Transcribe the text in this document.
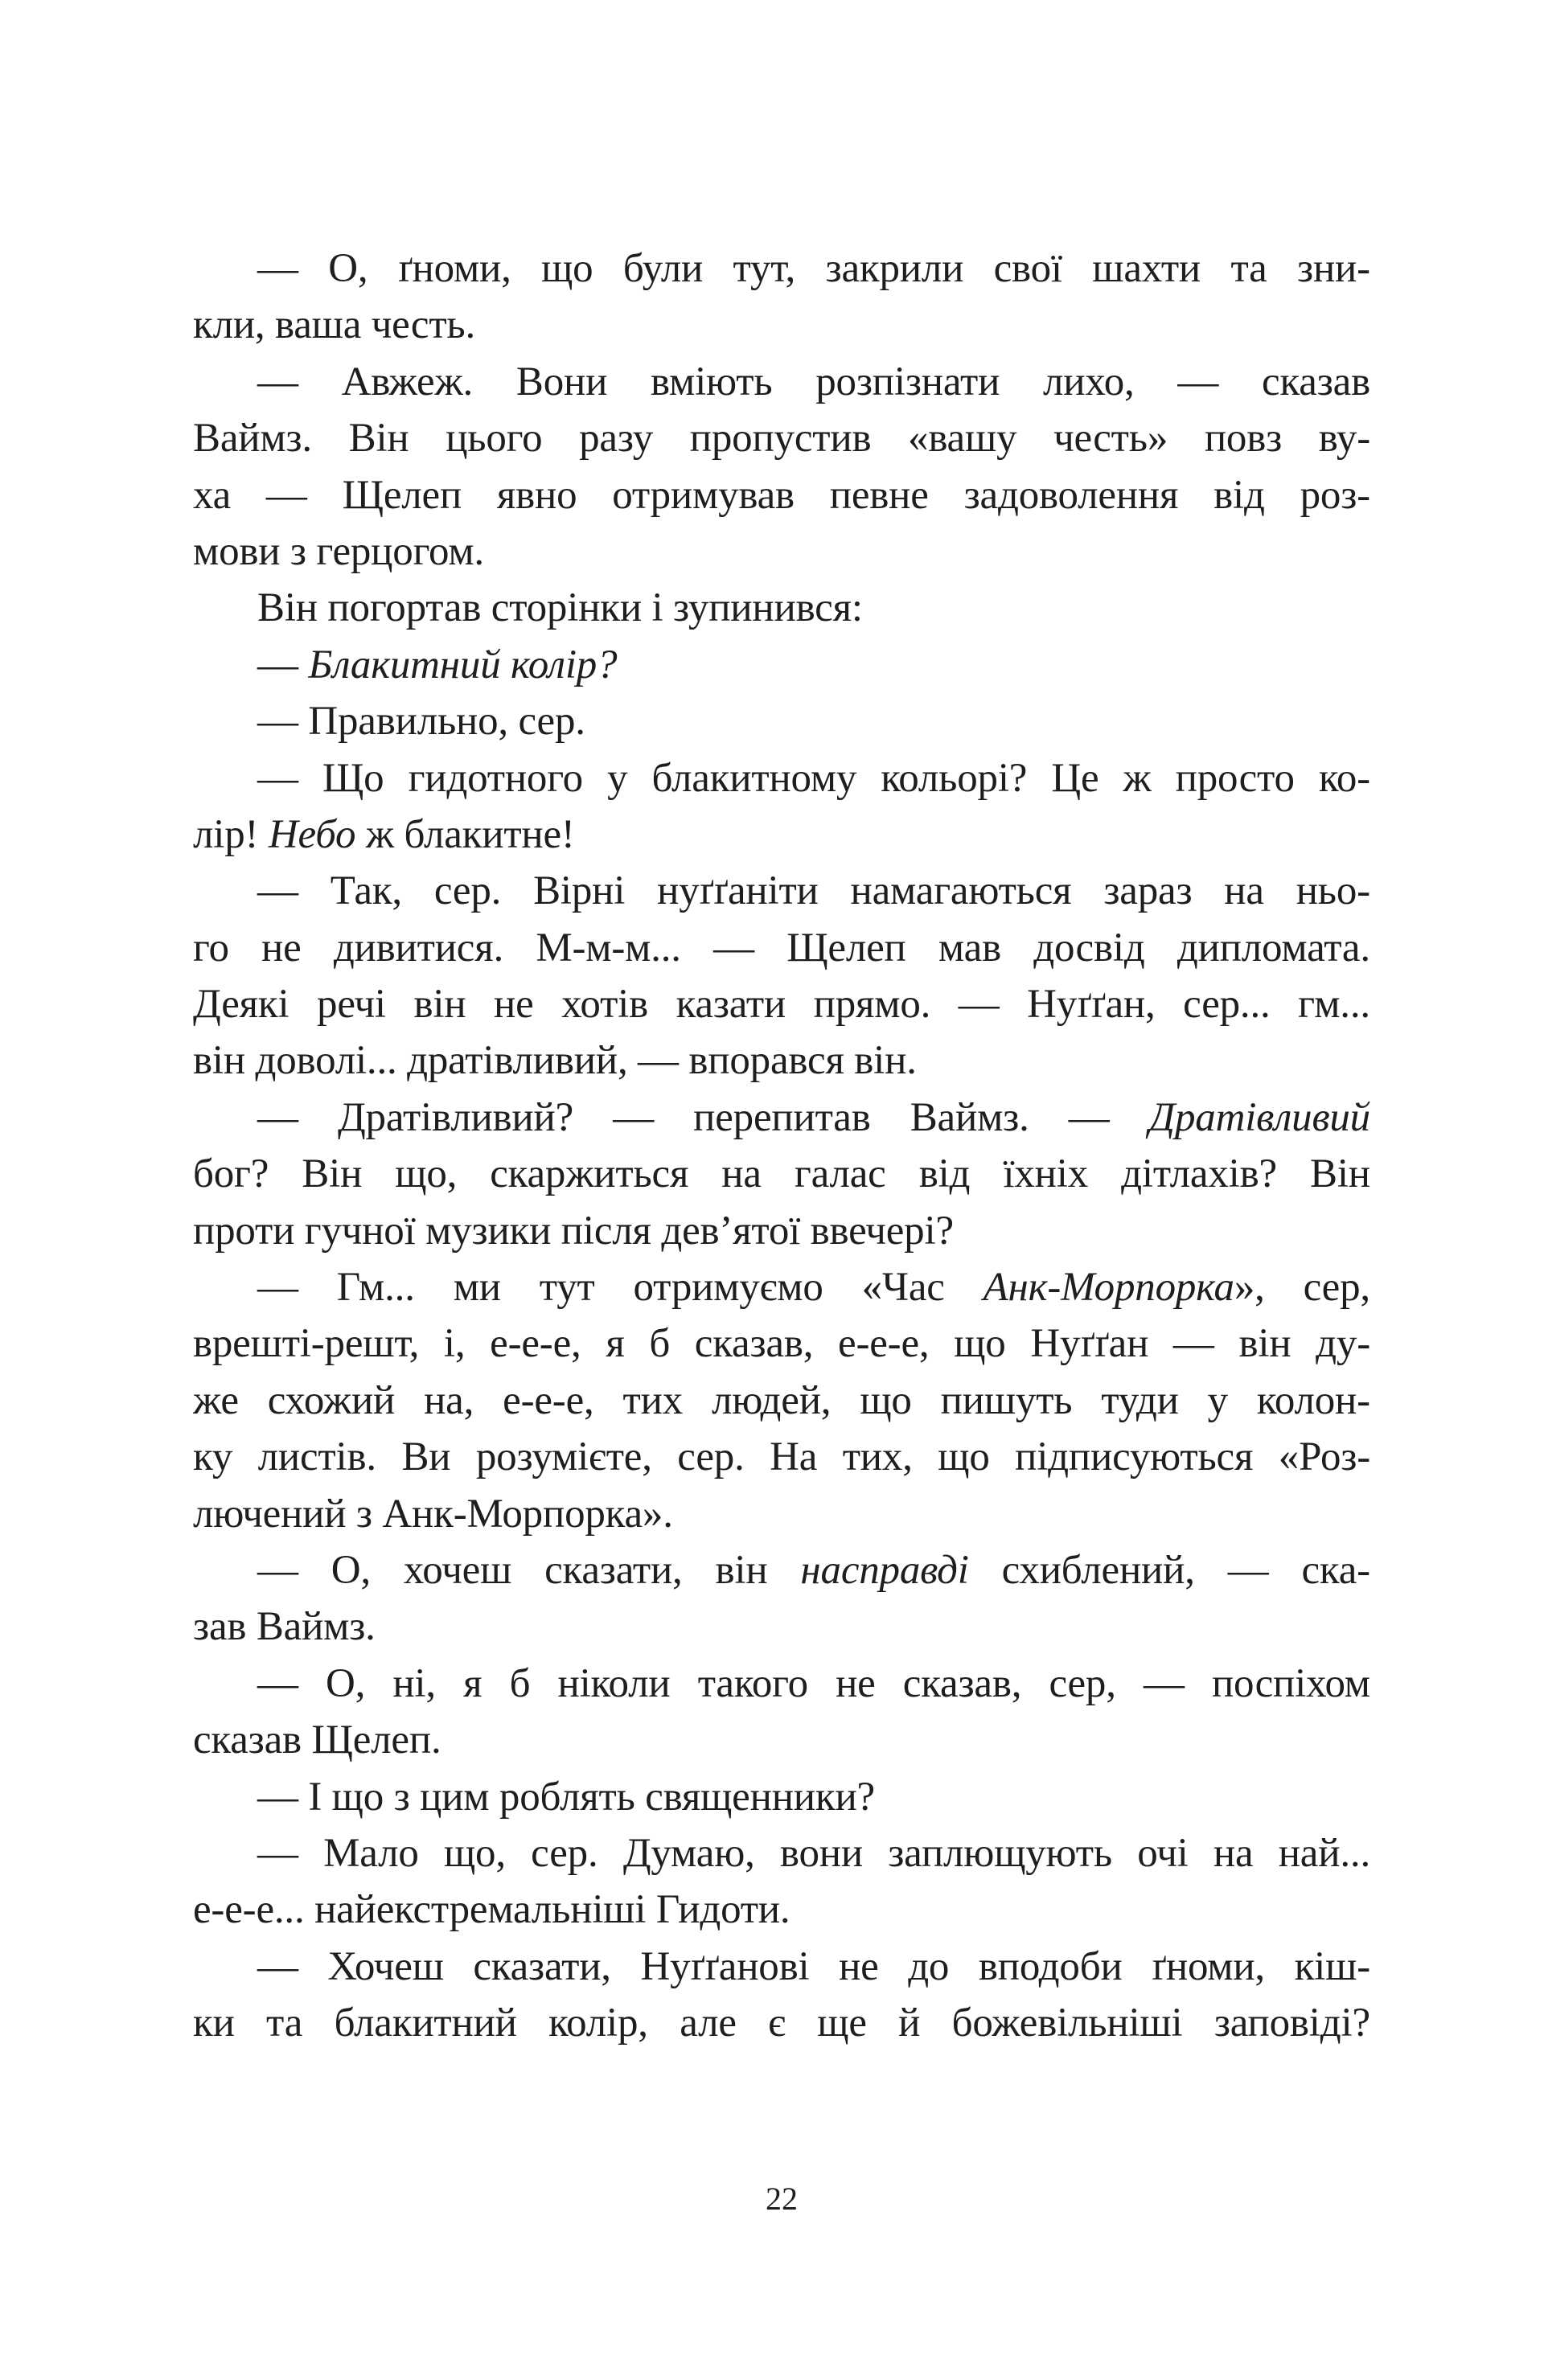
— О, ґноми, що були тут, закрили свої шахти та зни-
кли, ваша честь.
— Авжеж. Вони вміють розпізнати лихо, — сказав
Ваймз. Він цього разу пропустив «вашу честь» повз ву-
ха — Щелеп явно отримував певне задоволення від роз-
мови з герцогом.
Він погортав сторінки і зупинився:
— Блакитний колір?
— Правильно, сер.
— Що гидотного у блакитному кольорі? Це ж просто ко-
лір! Небо ж блакитне!
— Так, сер. Вірні нуґґаніти намагаються зараз на ньо-
го не дивитися. М-м-м... — Щелеп мав досвід дипломата.
Деякі речі він не хотів казати прямо. — Нуґґан, сер... гм...
він доволі... дратівливий, — впорався він.
— Дратівливий? — перепитав Ваймз. — Дратівливий
бог? Він що, скаржиться на галас від їхніх дітлахів? Він
проти гучної музики після дев’ятої ввечері?
— Гм... ми тут отримуємо «Час Анк-Морпорка», сер,
врешті-решт, і, е-е-е, я б сказав, е-е-е, що Нуґґан — він ду-
же схожий на, е-е-е, тих людей, що пишуть туди у колон-
ку листів. Ви розумієте, сер. На тих, що підписуються «Роз-
лючений з Анк-Морпорка».
— О, хочеш сказати, він насправді схиблений, — ска-
зав Ваймз.
— О, ні, я б ніколи такого не сказав, сер, — поспіхом
сказав Щелеп.
— І що з цим роблять священники?
— Мало що, сер. Думаю, вони заплющують очі на най...
е-е-е... найекстремальніші Гидоти.
— Хочеш сказати, Нуґґанові не до вподоби ґноми, кіш-
ки та блакитний колір, але є ще й божевільніші заповіді?
22
